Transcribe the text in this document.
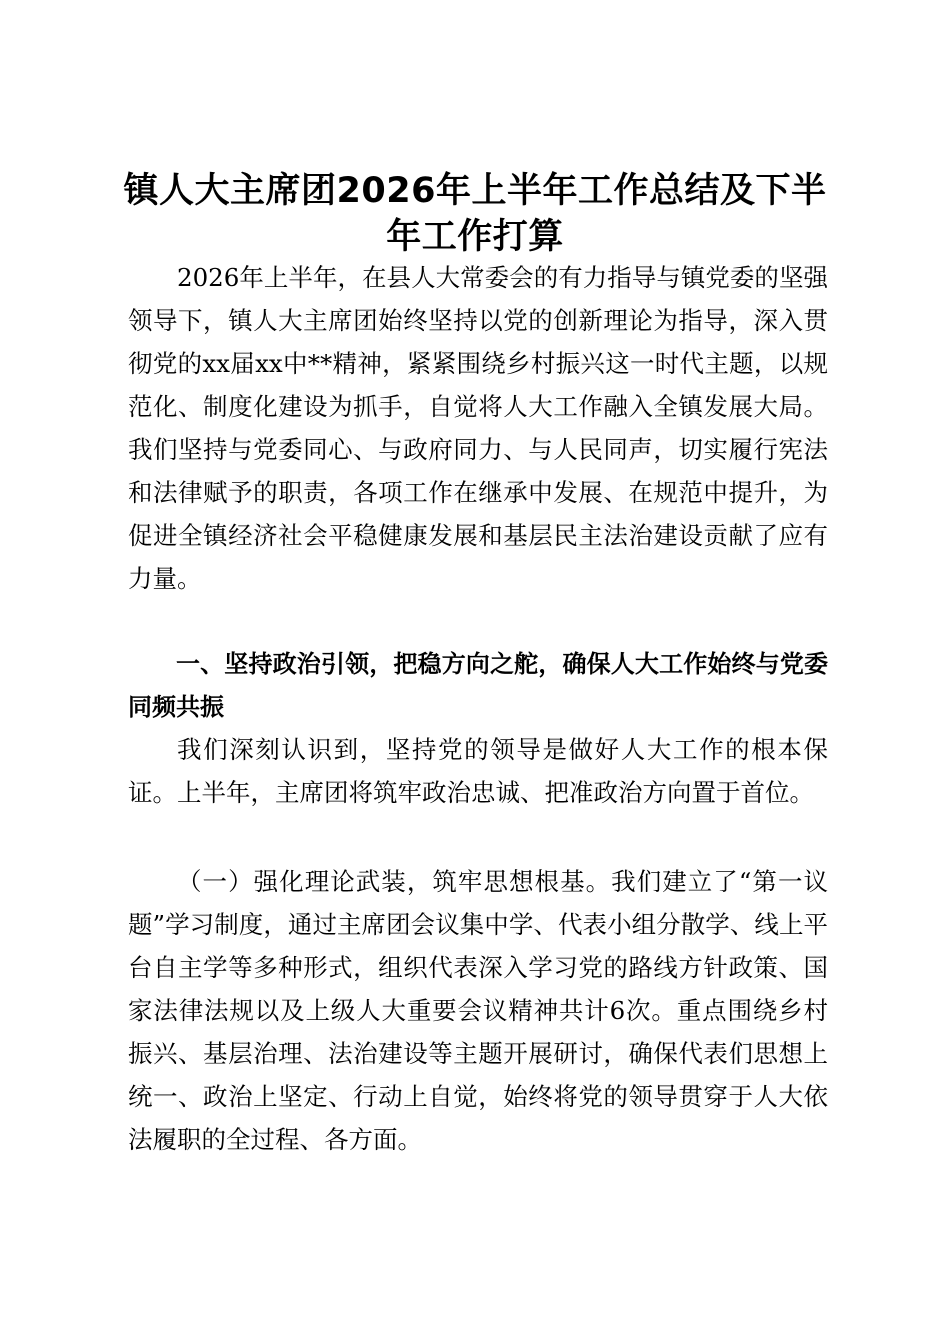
镇人大主席团2026年上半年工作总结及下半年工作打算

2026年上半年，在县人大常委会的有力指导与镇党委的坚强领导下，镇人大主席团始终坚持以党的创新理论为指导，深入贯彻党的xx届xx中**精神，紧紧围绕乡村振兴这一时代主题，以规范化、制度化建设为抓手，自觉将人大工作融入全镇发展大局。我们坚持与党委同心、与政府同力、与人民同声，切实履行宪法和法律赋予的职责，各项工作在继承中发展、在规范中提升，为促进全镇经济社会平稳健康发展和基层民主法治建设贡献了应有力量。

一、坚持政治引领，把稳方向之舵，确保人大工作始终与党委同频共振

我们深刻认识到，坚持党的领导是做好人大工作的根本保证。上半年，主席团将筑牢政治忠诚、把准政治方向置于首位。

（一）强化理论武装，筑牢思想根基。我们建立了“第一议题”学习制度，通过主席团会议集中学、代表小组分散学、线上平台自主学等多种形式，组织代表深入学习党的路线方针政策、国家法律法规以及上级人大重要会议精神共计6次。重点围绕乡村振兴、基层治理、法治建设等主题开展研讨，确保代表们思想上统一、政治上坚定、行动上自觉，始终将党的领导贯穿于人大依法履职的全过程、各方面。
